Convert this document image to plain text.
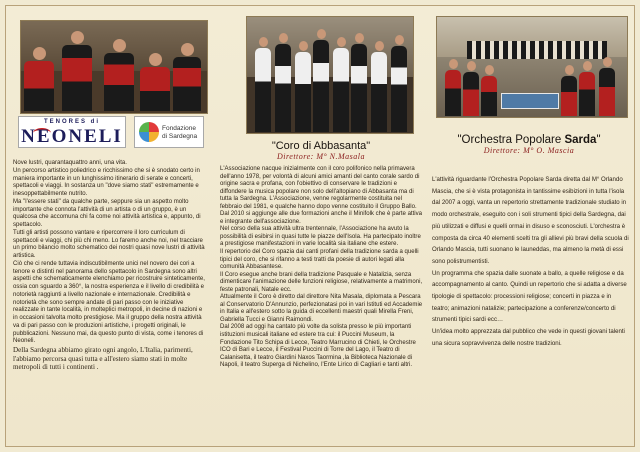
TENORES di
NEONELI	Fondazione
di Sardegna

Nove lustri, quarantaquattro anni, una vita.

Un percorso artistico poliedrico e ricchissimo che si è snodato certo in maniera importante in un lunghissimo itinerario di serate e concerti, spettacoli e viaggi. In sostanza un "dove siamo stati" estremamente e inesoppettabilmente nutrito.

Ma "l'essere stati" da qualche parte, seppure sia un aspetto molto importante che connota l'attività di un artista o di un gruppo, è un qualcosa che accomuna chi fa come noi attività artistica e, appunto, di spettacolo.

Tutti gli artisti possono vantare e ripercorrere il loro curriculum di spettacoli e viaggi, chi più chi meno. Lo faremo anche noi, nel tracciare un primo bilancio molto schematico dei nostri quasi nove lustri di attività artistica.

Ciò che ci rende tuttavia indiscutibilmente unici nel novero dei cori a tenore e distinti nel panorama dello spettacolo in Sardegna sono altri aspetti che schematicamente elenchiamo per ricostruire sinteticamente, ossia con sguardo a 360°, la nostra esperienza e il livello di credibilità e notorietà raggiunti a livello nazionale e internazionale. Credibilità e notorietà che sono sempre andate di pari passo con le iniziative realizzate in tante località, in molteplici metropoli, in decine di nazioni e in occasioni talvolta molto prestigiose. Ma il gruppo della nostra attività va di pari passo con le produzioni artistiche, i progetti originali, le pubblicazioni. Nessuno mai, da questo punto di vista, come i tenores di Neoneli.

Della Sardegna abbiamo girato ogni angolo, L'Italia, parimenti, l'abbiamo percorsa quasi tutta e all'estero siamo stati in molte metropoli di tutti i continenti .

"Coro di Abbasanta"
Direttore: M° N.Masala

L'Associazione nacque inizialmente con il coro polifonico nella primavera dell'anno 1978, per volontà di alcuni amici amanti del canto corale sardo di origine sacra e profana, con l'obiettivo di conservare le tradizioni e diffondere la musica popolare non solo dell'altopiano di Abbasanta ma di tutta la Sardegna. L'Associazione, venne regolarmente costituita nel febbraio del 1981, e qualche hanno dopo venne costituito il Gruppo Ballo. Dal 2010 si aggiunge alle due formazioni anche il Minifolk che è parte attiva e integrante dell'associazione.

Nel corso della sua attività ultra trentennale, l'Associazione ha avuto la possibilità di esibirsi in quasi tutte le piazze dell'Isola. Ha partecipato inoltre a prestigiose manifestazioni in varie località sia italiane che estere.

Il repertorio del Coro spazia dai canti profani della tradizione sarda a quelli tipici del coro, che si rifanno a testi tratti da poesie di autori legati alla comunità Abbasantese.

Il Coro esegue anche brani della tradizione Pasquale e Natalizia, senza dimenticare l'animazione delle funzioni religiose, relativamente a matrimoni, feste patronali, Natale ecc.

Attualmente il Coro è diretto dal direttore Nita Masala, diplomata a Pescara al Conservatorio D'Annunzio, perfezionatasi poi in vari Istituti ed Accademie in Italia e all'estero sotto la guida di eccellenti maestri quali Mirella Freni, Gabriella Tucci e Gianni Raimondi.

Dal 2008 ad oggi ha cantato più volte da solista presso le più importanti istituzioni musicali italiane ed estere tra cui: il Puccini Museum, la Fondazione Tito Schipa di Lecce, Teatro Marrucino di Chieti, le Orchestre ICO di Bari e Lecce, il Festival Puccini di Torre del Lago, il Teatro di Calanisetta, il teatro Giardini Naxos Taormina ,la Biblioteca Nazionale di Napoli, il teatro Superga di Nichelino, l'Ente Lirico di Cagliari e tanti altri.

"Orchestra Popolare Sarda"
Direttore: M° O. Mascia

L'attività riguardante l'Orchestra Popolare Sarda diretta dal M° Orlando Mascia, che si è vista protagonista in tantissime esibizioni in tutta l'isola dal 2007 a oggi, vanta un repertorio strettamente tradizionale studiato in modo orchestrale, eseguito con i soli strumenti tipici della Sardegna, dai più utilizzati e diffusi e quelli ormai in disuso e sconosciuti. L'orchestra è composta da circa 40 elementi scelti tra gli allievi più bravi della scuola di Orlando Mascia, tutti suonano le launeddas, ma almeno la metà di essi sono polistrumentisti.

Un programma che spazia dalle suonate a ballo, a quelle religiose e da accompagnamento al canto. Quindi un repertorio che si adatta a diverse tipologie di spettacolo: processioni religiose; concerti in piazza e in teatro; animazioni natalizie; partecipazione a conferenze/concerto di strumenti tipici sardi ecc…

Un'idea molto apprezzata dal pubblico che vede in questi giovani talenti una sicura sopravvivenza delle nostre tradizioni.
